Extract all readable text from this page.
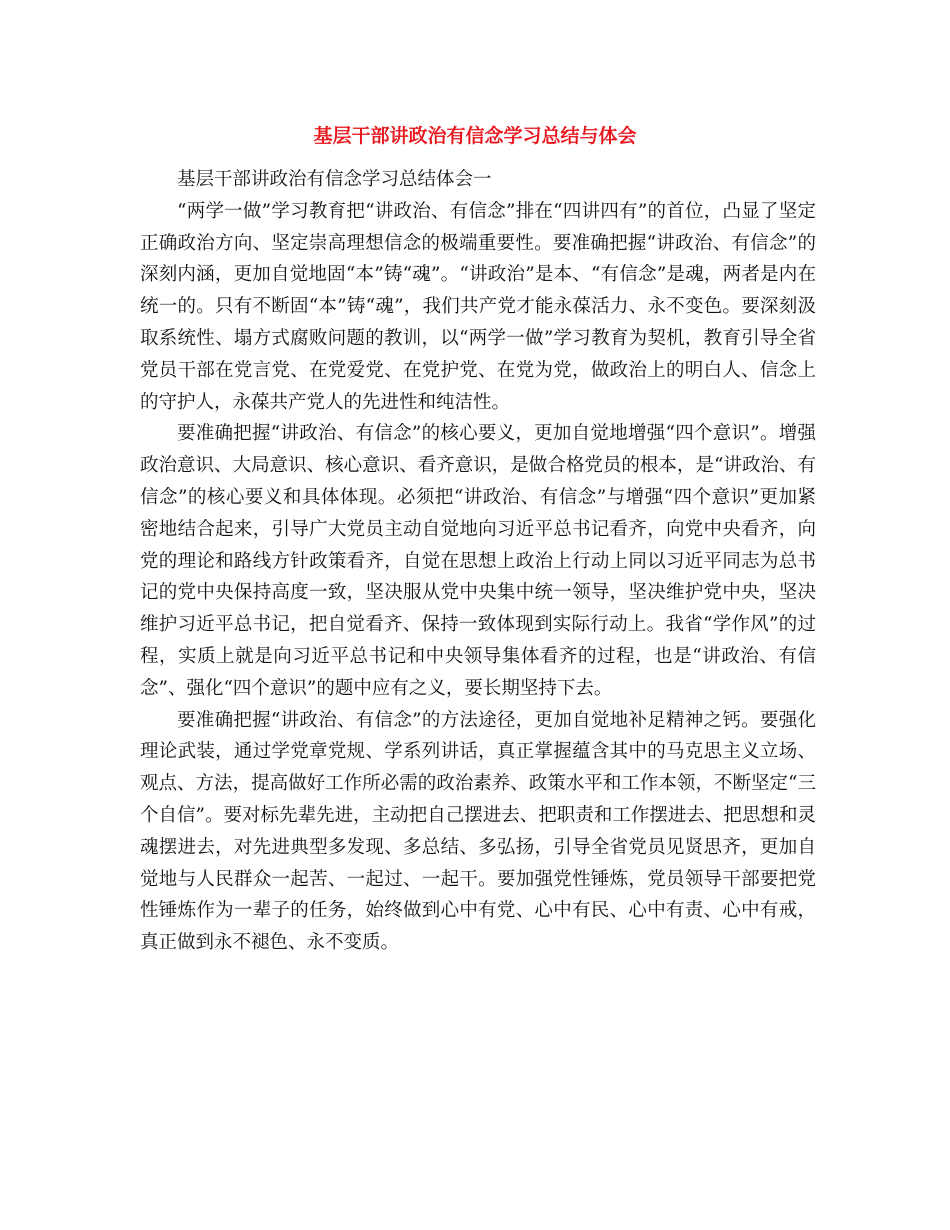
基层干部讲政治有信念学习总结与体会

基层干部讲政治有信念学习总结体会一

“两学一做”学习教育把“讲政治、有信念”排在“四讲四有”的首位，凸显了坚定正确政治方向、坚定崇高理想信念的极端重要性。要准确把握“讲政治、有信念”的深刻内涵，更加自觉地固“本”铸“魂”。“讲政治”是本、“有信念”是魂，两者是内在统一的。只有不断固“本”铸“魂”，我们共产党才能永葆活力、永不变色。要深刻汲取系统性、塌方式腐败问题的教训，以“两学一做”学习教育为契机，教育引导全省党员干部在党言党、在党爱党、在党护党、在党为党，做政治上的明白人、信念上的守护人，永葆共产党人的先进性和纯洁性。

要准确把握“讲政治、有信念”的核心要义，更加自觉地增强“四个意识”。增强政治意识、大局意识、核心意识、看齐意识，是做合格党员的根本，是“讲政治、有信念”的核心要义和具体体现。必须把“讲政治、有信念”与增强“四个意识”更加紧密地结合起来，引导广大党员主动自觉地向习近平总书记看齐，向党中央看齐，向党的理论和路线方针政策看齐，自觉在思想上政治上行动上同以习近平同志为总书记的党中央保持高度一致，坚决服从党中央集中统一领导，坚决维护党中央，坚决维护习近平总书记，把自觉看齐、保持一致体现到实际行动上。我省“学作风”的过程，实质上就是向习近平总书记和中央领导集体看齐的过程，也是“讲政治、有信念”、强化“四个意识”的题中应有之义，要长期坚持下去。

要准确把握“讲政治、有信念”的方法途径，更加自觉地补足精神之钙。要强化理论武装，通过学党章党规、学系列讲话，真正掌握蕴含其中的马克思主义立场、观点、方法，提高做好工作所必需的政治素养、政策水平和工作本领，不断坚定“三个自信”。要对标先辈先进，主动把自己摆进去、把职责和工作摆进去、把思想和灵魂摆进去，对先进典型多发现、多总结、多弘扬，引导全省党员见贤思齐，更加自觉地与人民群众一起苦、一起过、一起干。要加强党性锤炼，党员领导干部要把党性锤炼作为一辈子的任务，始终做到心中有党、心中有民、心中有责、心中有戒，真正做到永不褪色、永不变质。
